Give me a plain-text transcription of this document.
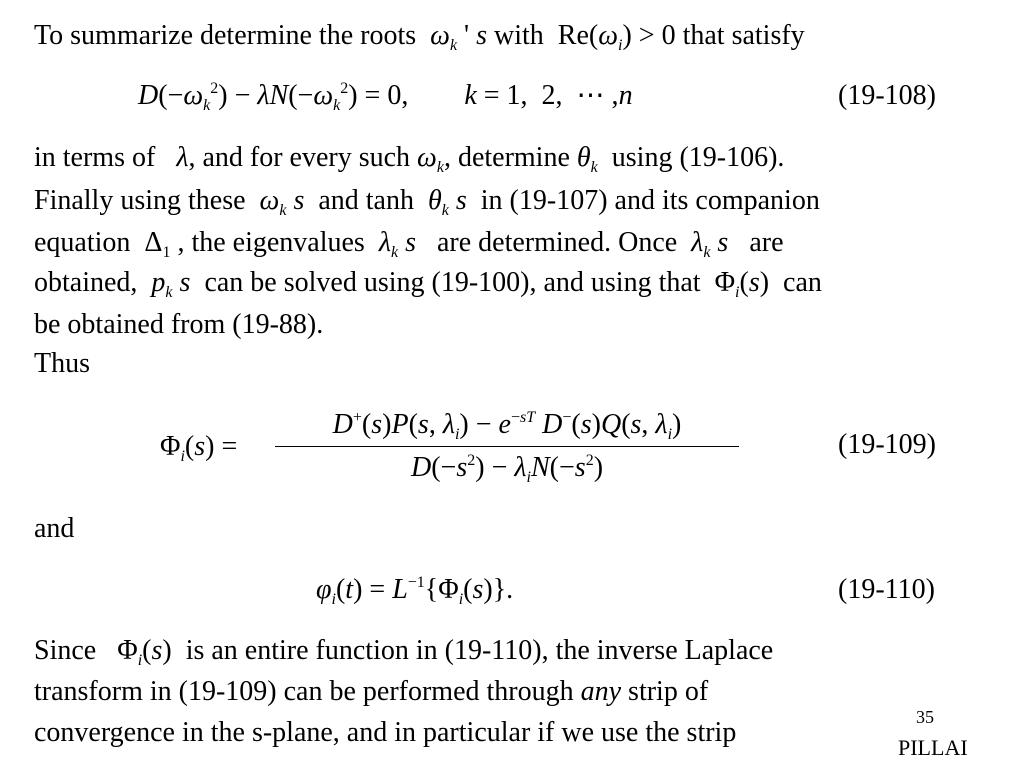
To summarize determine the roots  $\omega_k$ ' s with  $Re(\omega_i) > 0$ that satisfy
$D(-\omega_k^2) - \lambda N(-\omega_k^2) = 0$,        k = 1,  2,  ⋯ ,n	(19-108)
in terms of   λ, and for every such $\omega_k$, determine $\theta_k$ using (19-106).
Finally using these  $\omega_k$ s and $\tanh \theta_k$ s in (19-107) and its companion
equation  $\Delta_1$ , the eigenvalues  $\lambda_k$ s are determined. Once  $\lambda_k$ s are
obtained,  $p_k$ s can be solved using (19-100), and using that  $\Phi_i(s)$ can
be obtained from (19-88).
Thus
$\Phi_i(s)$ =
D+(s)P(s, $\lambda_i) - e^{-sT}$ D−(s)Q(s, $\lambda_i$)
$D(-s^2) - \lambda_iN(-s^2)$
(19-109)
and
$\varphi_i(t) = L^{-1}\{\Phi_i(s)\}$.	(19-110)
Since   $\Phi_i(s)$ is an entire function in (19-110), the inverse Laplace
transform in (19-109) can be performed through any strip of
convergence in the s-plane, and in particular if we use the strip	35
PILLAI
